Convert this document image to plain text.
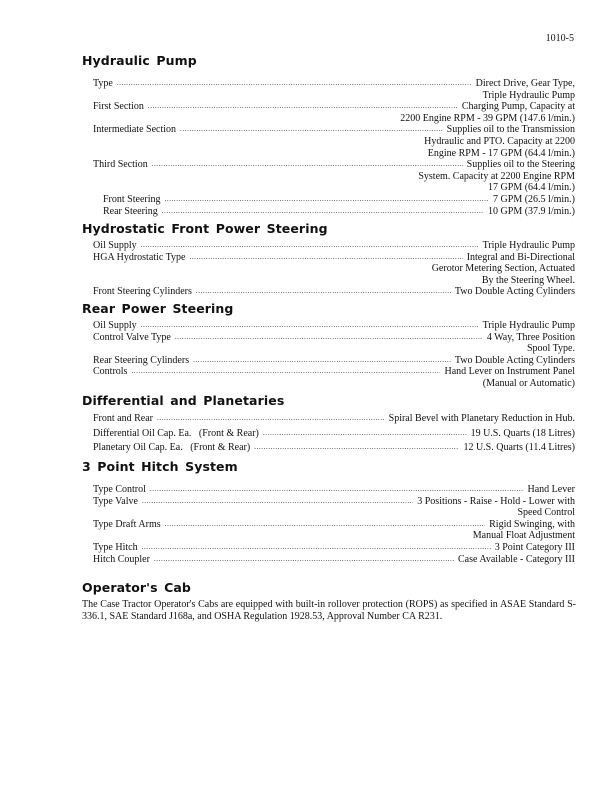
1010-5
Hydraulic Pump
Type .....	Direct Drive, Gear Type,
Triple Hydraulic Pump
First Section .....	Charging Pump, Capacity at
2200 Engine RPM - 39 GPM (147.6 l/min.)
Intermediate Section .....	Supplies oil to the Transmission
Hydraulic and PTO. Capacity at 2200
Engine RPM - 17 GPM (64.4 l/min.)
Third Section .....	Supplies oil to the Steering
System. Capacity at 2200 Engine RPM
17 GPM (64.4 l/min.)
Front Steering .....	7 GPM (26.5 l/min.)
Rear Steering .....	10 GPM (37.9 l/min.)
Hydrostatic Front Power Steering
Oil Supply .....	Triple Hydraulic Pump
HGA Hydrostatic Type .....	Integral and Bi-Directional
Gerotor Metering Section, Actuated
By the Steering Wheel.
Front Steering Cylinders .....	Two Double Acting Cylinders
Rear Power Steering
Oil Supply .....	Triple Hydraulic Pump
Control Valve Type .....	4 Way, Three Position
Spool Type.
Rear Steering Cylinders .....	Two Double Acting Cylinders
Controls .....	Hand Lever on Instrument Panel
(Manual or Automatic)
Differential and Planetaries
Front and Rear .....	Spiral Bevel with Planetary Reduction in Hub.
Differential Oil Cap. Ea.   (Front & Rear) .....	19 U.S. Quarts (18 Litres)
Planetary Oil Cap. Ea.   (Front & Rear) .....	12 U.S. Quarts (11.4 Litres)
3 Point Hitch System
Type Control .....	Hand Lever
Type Valve .....	3 Positions - Raise - Hold - Lower with
Speed Control
Type Draft Arms .....	Rigid Swinging, with
Manual Float Adjustment
Type Hitch .....	3 Point Category III
Hitch Coupler .....	Case Available - Category III
Operator's Cab
The Case Tractor Operator's Cabs are equipped with built-in rollover protection (ROPS) as specified in ASAE Standard S-336.1, SAE Standard J168a, and OSHA Regulation 1928.53, Approval Number CA R231.
